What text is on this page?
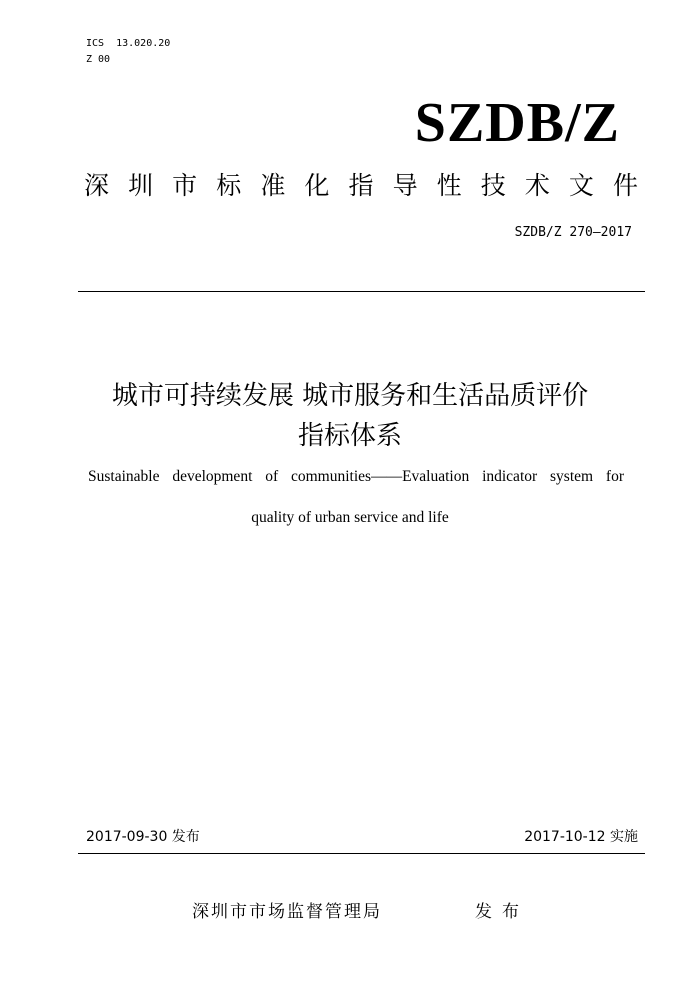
ICS  13.020.20
Z 00
SZDB/Z
深 圳 市 标 准 化 指 导 性 技 术 文 件
SZDB/Z 270—2017
城市可持续发展 城市服务和生活品质评价
指标体系
Sustainable development of communities——Evaluation indicator system for
quality of urban service and life
2017-09-30 发布	2017-10-12 实施
深圳市市场监督管理局	发布
